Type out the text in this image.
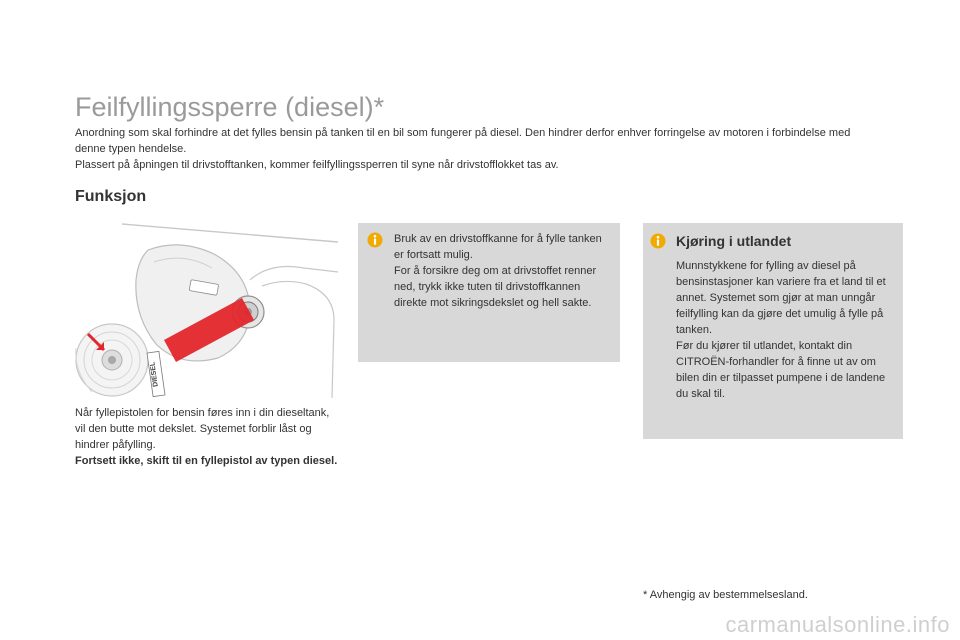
Feilfyllingssperre (diesel)*

Anordning som skal forhindre at det fylles bensin på tanken til en bil som fungerer på diesel. Den hindrer derfor enhver forringelse av motoren i forbindelse med denne typen hendelse.

Plassert på åpningen til drivstofftanken, kommer feilfyllingssperren til syne når drivstofflokket tas av.

Funksjon
DIESEL

Når fyllepistolen for bensin føres inn i din dieseltank, vil den butte mot dekslet. Systemet forblir låst og hindrer påfylling.

Fortsett ikke, skift til en fyllepistol av typen diesel.

Bruk av en drivstoffkanne for å fylle tanken er fortsatt mulig.

For å forsikre deg om at drivstoffet renner ned, trykk ikke tuten til drivstoffkannen direkte mot sikringsdekslet og hell sakte.

Kjøring i utlandet

Munnstykkene for fylling av diesel på bensinstasjoner kan variere fra et land til et annet. Systemet som gjør at man unngår feilfylling kan da gjøre det umulig å fylle på tanken.

Før du kjører til utlandet, kontakt din CITROËN-forhandler for å finne ut av om bilen din er tilpasset pumpene i de landene du skal til.

* Avhengig av bestemmelsesland.
carmanualsonline.info
